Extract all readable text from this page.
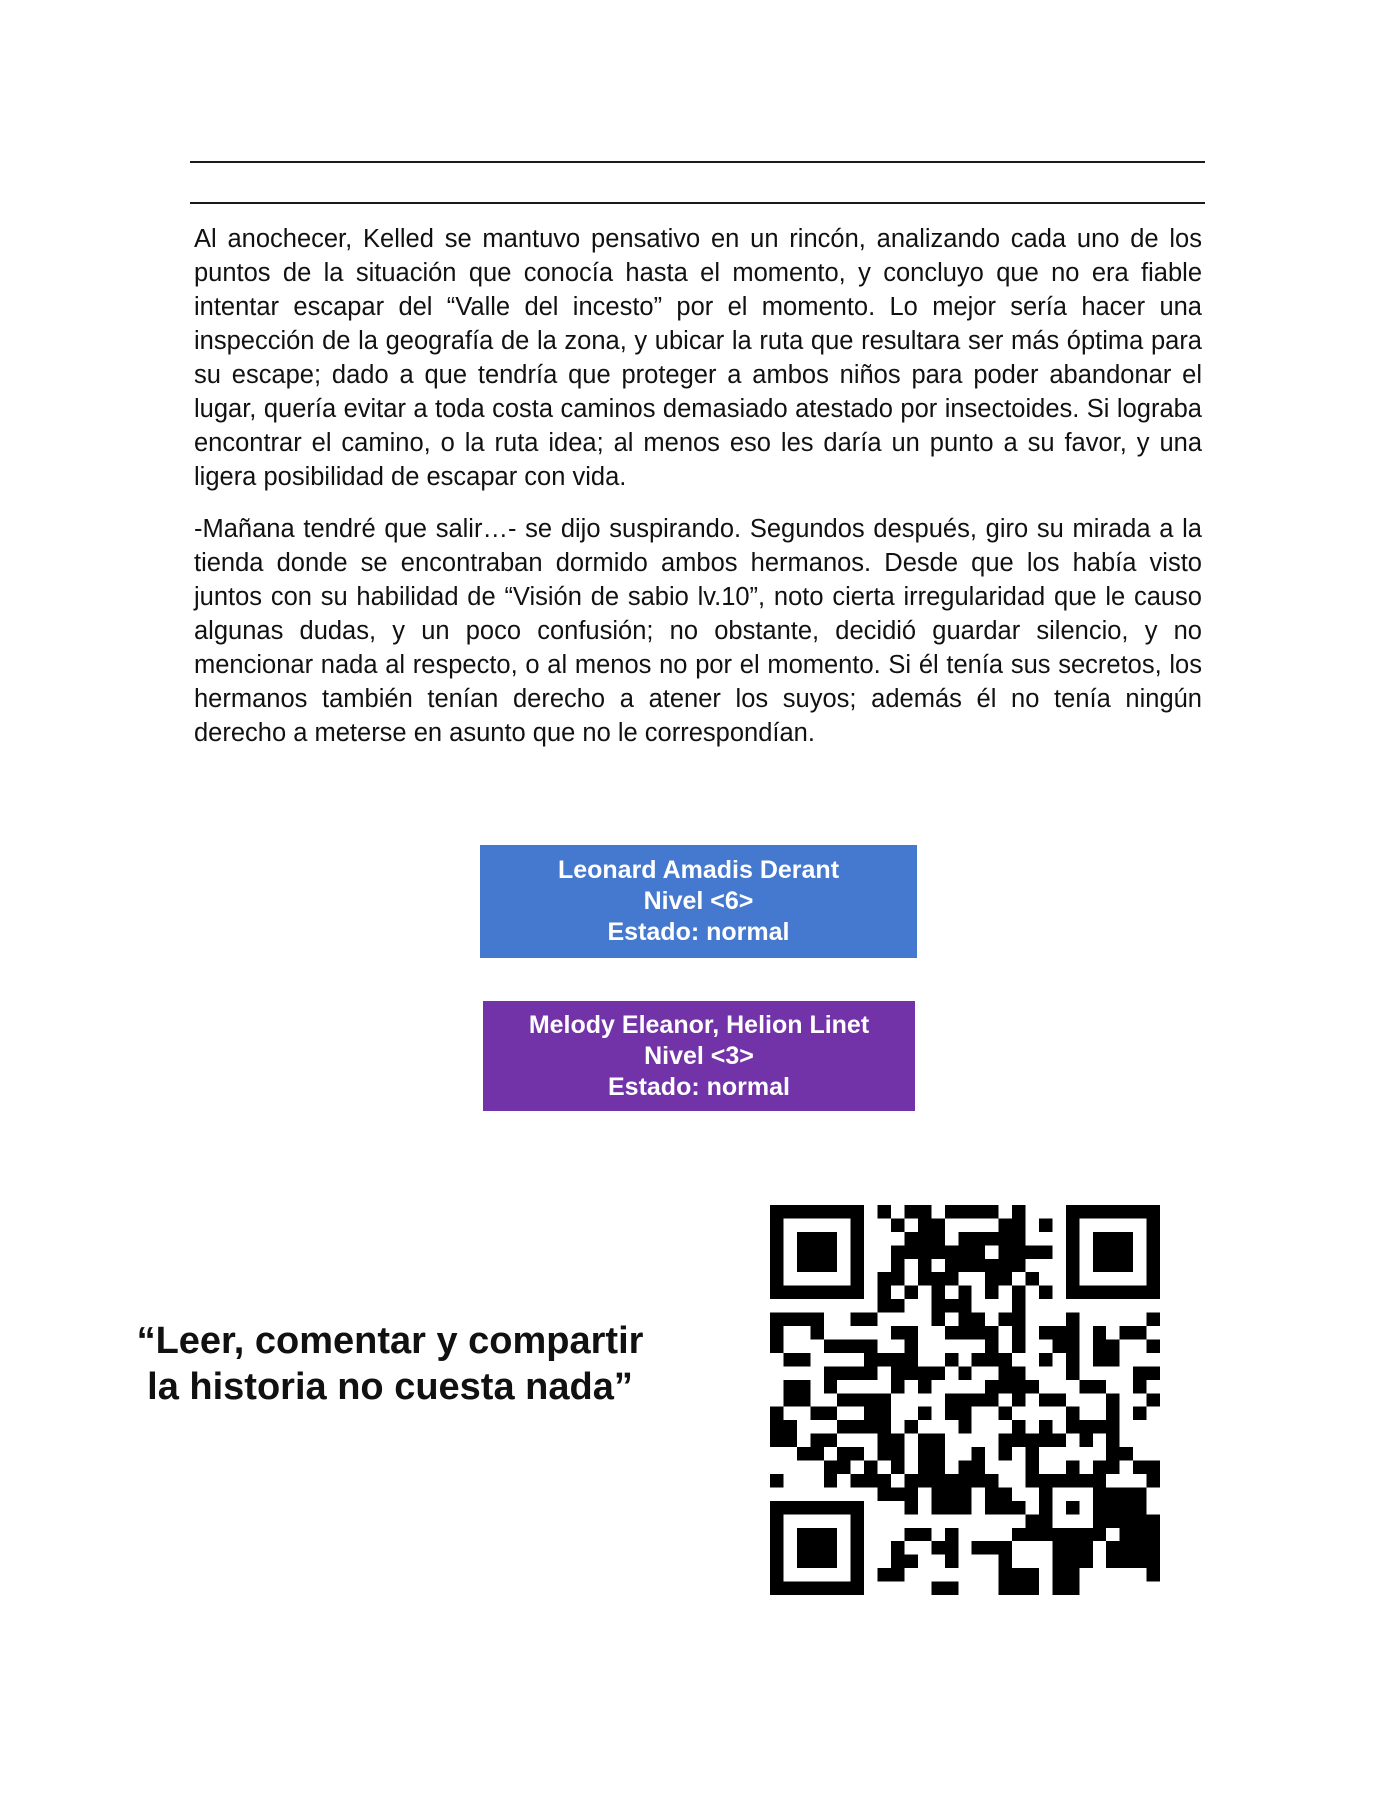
Al anochecer, Kelled se mantuvo pensativo en un rincón, analizando cada uno de los puntos de la situación que conocía hasta el momento, y concluyo que no era fiable intentar escapar del “Valle del incesto” por el momento. Lo mejor sería hacer una inspección de la geografía de la zona, y ubicar la ruta que resultara ser más óptima para su escape; dado a que tendría que proteger a ambos niños para poder abandonar el lugar, quería evitar a toda costa caminos demasiado atestado por insectoides. Si lograba encontrar el camino, o la ruta idea; al menos eso les daría un punto a su favor, y una ligera posibilidad de escapar con vida.

-Mañana tendré que salir…- se dijo suspirando. Segundos después, giro su mirada a la tienda donde se encontraban dormido ambos hermanos. Desde que los había visto juntos con su habilidad de “Visión de sabio lv.10”, noto cierta irregularidad que le causo algunas dudas, y un poco confusión; no obstante, decidió guardar silencio, y no mencionar nada al respecto, o al menos no por el momento. Si él tenía sus secretos, los hermanos también tenían derecho a atener los suyos; además él no tenía ningún derecho a meterse en asunto que no le correspondían.

Leonard Amadis Derant
Nivel <6>
Estado: normal
Melody Eleanor, Helion Linet
Nivel <3>
Estado: normal
“Leer, comentar y compartir
la historia no cuesta nada”
